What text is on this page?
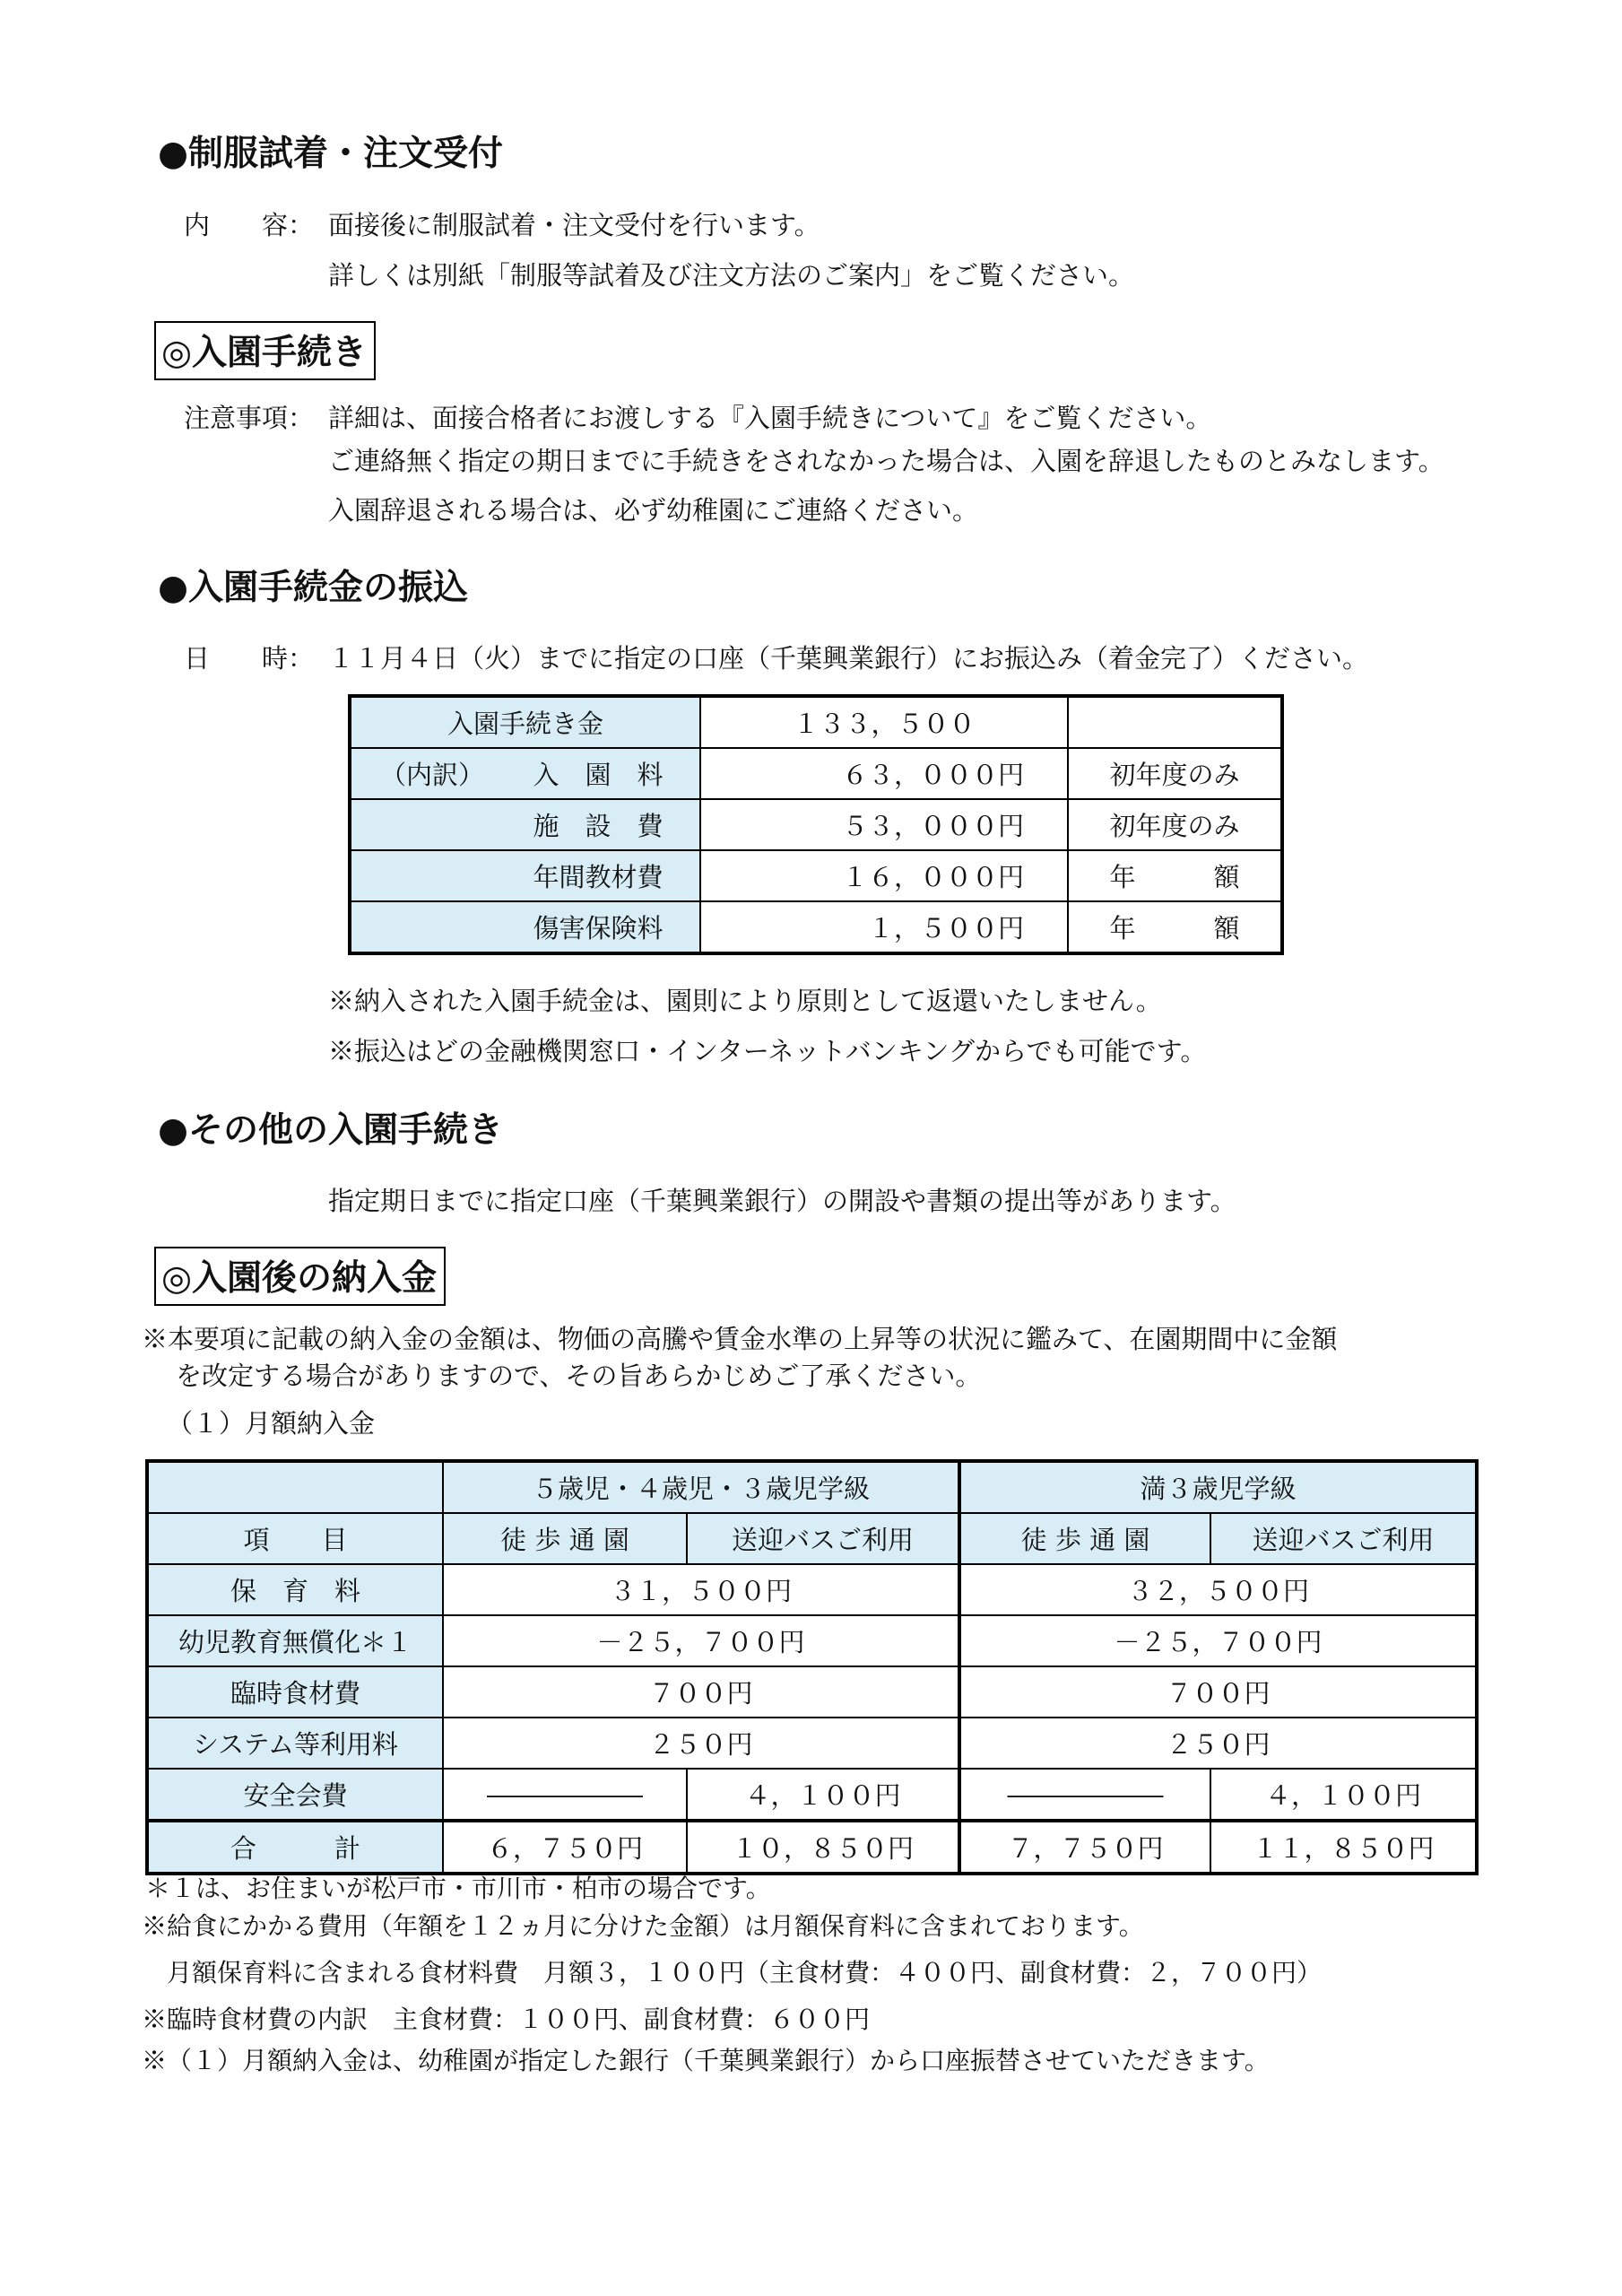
●制服試着・注文受付
内　　容： 面接後に制服試着・注文受付を行います。
詳しくは別紙「制服等試着及び注文方法のご案内」をご覧ください。
◎入園手続き
注意事項： 詳細は、面接合格者にお渡しする『入園手続きについて』をご覧ください。
ご連絡無く指定の期日までに手続きをされなかった場合は、入園を辞退したものとみなします。
入園辞退される場合は、必ず幼稚園にご連絡ください。
●入園手続金の振込
日　　時： １１月４日（火）までに指定の口座（千葉興業銀行）にお振込み（着金完了）ください。
入園手続き金	１３３，５００	
（内訳） 入　園　料	６３，０００円	初年度のみ
施　設　費	５３，０００円	初年度のみ
年間教材費	１６，０００円	年　　　額
傷害保険料	１，５００円	年　　　額
※納入された入園手続金は、園則により原則として返還いたしません。
※振込はどの金融機関窓口・インターネットバンキングからでも可能です。
●その他の入園手続き
指定期日までに指定口座（千葉興業銀行）の開設や書類の提出等があります。
◎入園後の納入金
※本要項に記載の納入金の金額は、物価の高騰や賃金水準の上昇等の状況に鑑みて、在園期間中に金額
を改定する場合がありますので、その旨あらかじめご了承ください。
（１）月額納入金
	５歳児・４歳児・３歳児学級		満３歳児学級	
項　　目	徒 歩 通 園	送迎バスご利用	徒 歩 通 園	送迎バスご利用
保　育　料	３１，５００円		３２，５００円	
幼児教育無償化＊１	－２５，７００円		－２５，７００円	
臨時食材費	７００円		７００円	
システム等利用料	２５０円		２５０円	
安全会費	――――――	４，１００円	――――――	４，１００円
合　　　計	６，７５０円	１０，８５０円	７，７５０円	１１，８５０円
＊１は、お住まいが松戸市・市川市・柏市の場合です。
※給食にかかる費用（年額を１２ヵ月に分けた金額）は月額保育料に含まれております。
　月額保育料に含まれる食材料費　月額３，１００円（主食材費：４００円、副食材費：２，７００円）
※臨時食材費の内訳　主食材費：１００円、副食材費：６００円
※（１）月額納入金は、幼稚園が指定した銀行（千葉興業銀行）から口座振替させていただきます。
